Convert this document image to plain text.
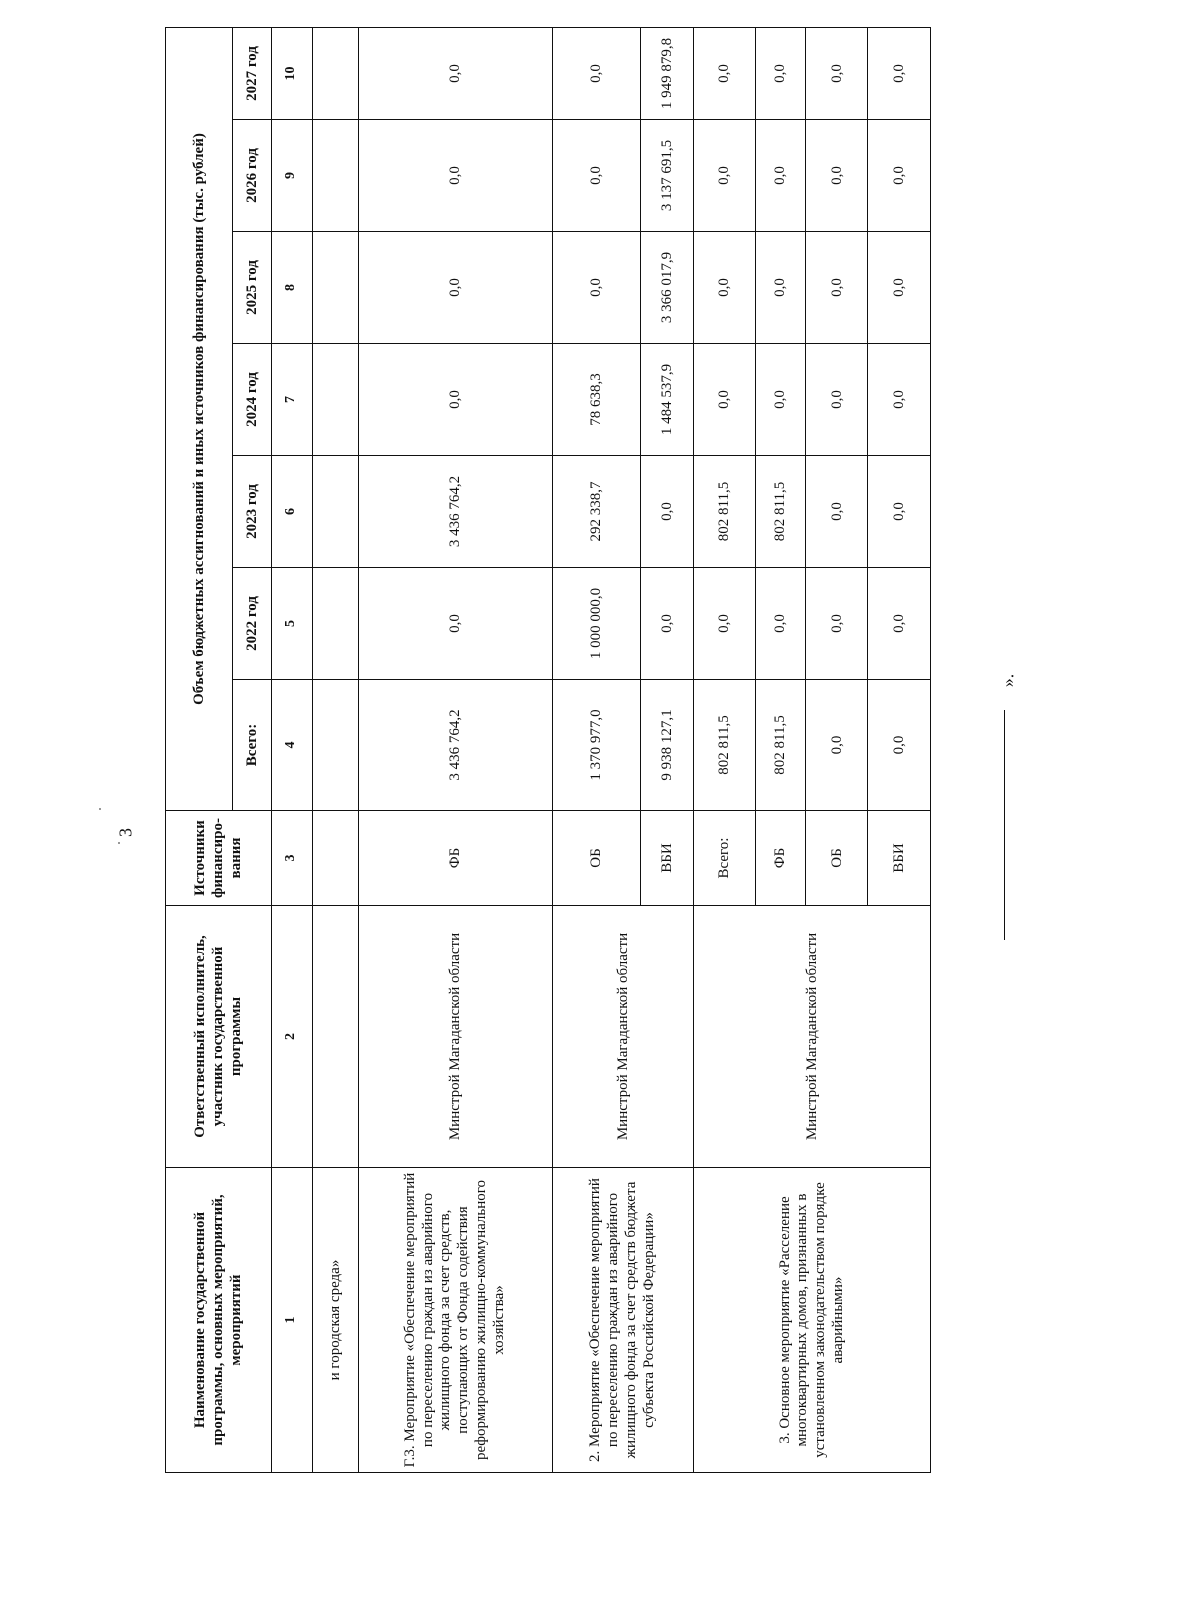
3
».
Наименование государственной программы, основных мероприятий, мероприятий	Ответственный исполнитель, участник государственной программы	Источники финансиро-вания	Объем бюджетных ассигнований и иных источников финансирования (тыс. рублей)						
			Всего:	2022 год	2023 год	2024 год	2025 год	2026 год	2027 год
1	2	3	4	5	6	7	8	9	10
и городская среда»									
Г.3. Мероприятие «Обеспечение мероприятий по переселению граждан из аварийного жилищного фонда за счет средств, поступающих от Фонда содействия реформированию жилищно-коммунального хозяйства»	Минстрой Магаданской области	ФБ	3 436 764,2	0,0	3 436 764,2	0,0	0,0	0,0	0,0
2. Мероприятие «Обеспечение мероприятий по переселению граждан из аварийного жилищного фонда за счет средств бюджета субъекта Российской Федерации»	Минстрой Магаданской области	ОБ	1 370 977,0	1 000 000,0	292 338,7	78 638,3	0,0	0,0	0,0
		ВБИ	9 938 127,1	0,0	0,0	1 484 537,9	3 366 017,9	3 137 691,5	1 949 879,8
3. Основное мероприятие «Расселение многоквартирных домов, признанных в установленном законодательством порядке аварийными»	Минстрой Магаданской области	Всего:	802 811,5	0,0	802 811,5	0,0	0,0	0,0	0,0
		ФБ	802 811,5	0,0	802 811,5	0,0	0,0	0,0	0,0
		ОБ	0,0	0,0	0,0	0,0	0,0	0,0	0,0
		ВБИ	0,0	0,0	0,0	0,0	0,0	0,0	0,0
